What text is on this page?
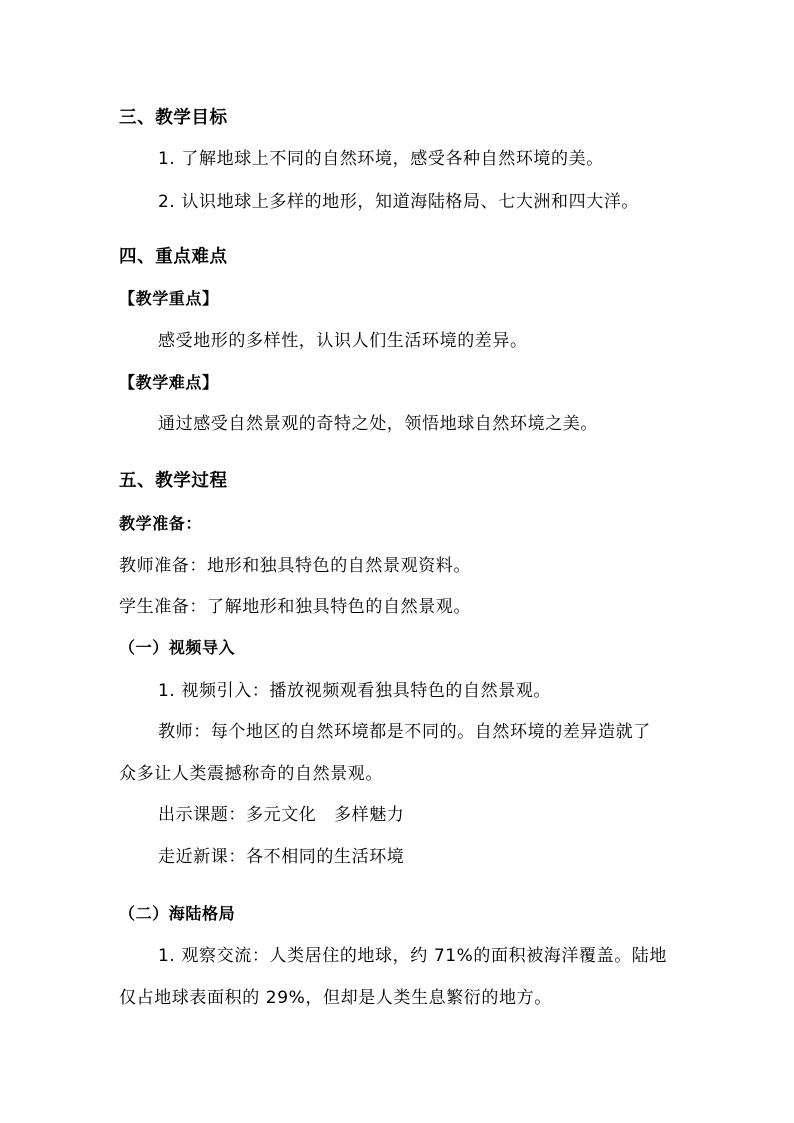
三、教学目标
1. 了解地球上不同的自然环境，感受各种自然环境的美。
2. 认识地球上多样的地形，知道海陆格局、七大洲和四大洋。
四、重点难点
【教学重点】
感受地形的多样性，认识人们生活环境的差异。
【教学难点】
通过感受自然景观的奇特之处，领悟地球自然环境之美。
五、教学过程
教学准备：
教师准备：地形和独具特色的自然景观资料。
学生准备：了解地形和独具特色的自然景观。
（一）视频导入
1. 视频引入：播放视频观看独具特色的自然景观。
教师：每个地区的自然环境都是不同的。自然环境的差异造就了
众多让人类震撼称奇的自然景观。
出示课题：多元文化　多样魅力
走近新课：各不相同的生活环境
（二）海陆格局
1. 观察交流：人类居住的地球，约 71%的面积被海洋覆盖。陆地
仅占地球表面积的 29%，但却是人类生息繁衍的地方。
